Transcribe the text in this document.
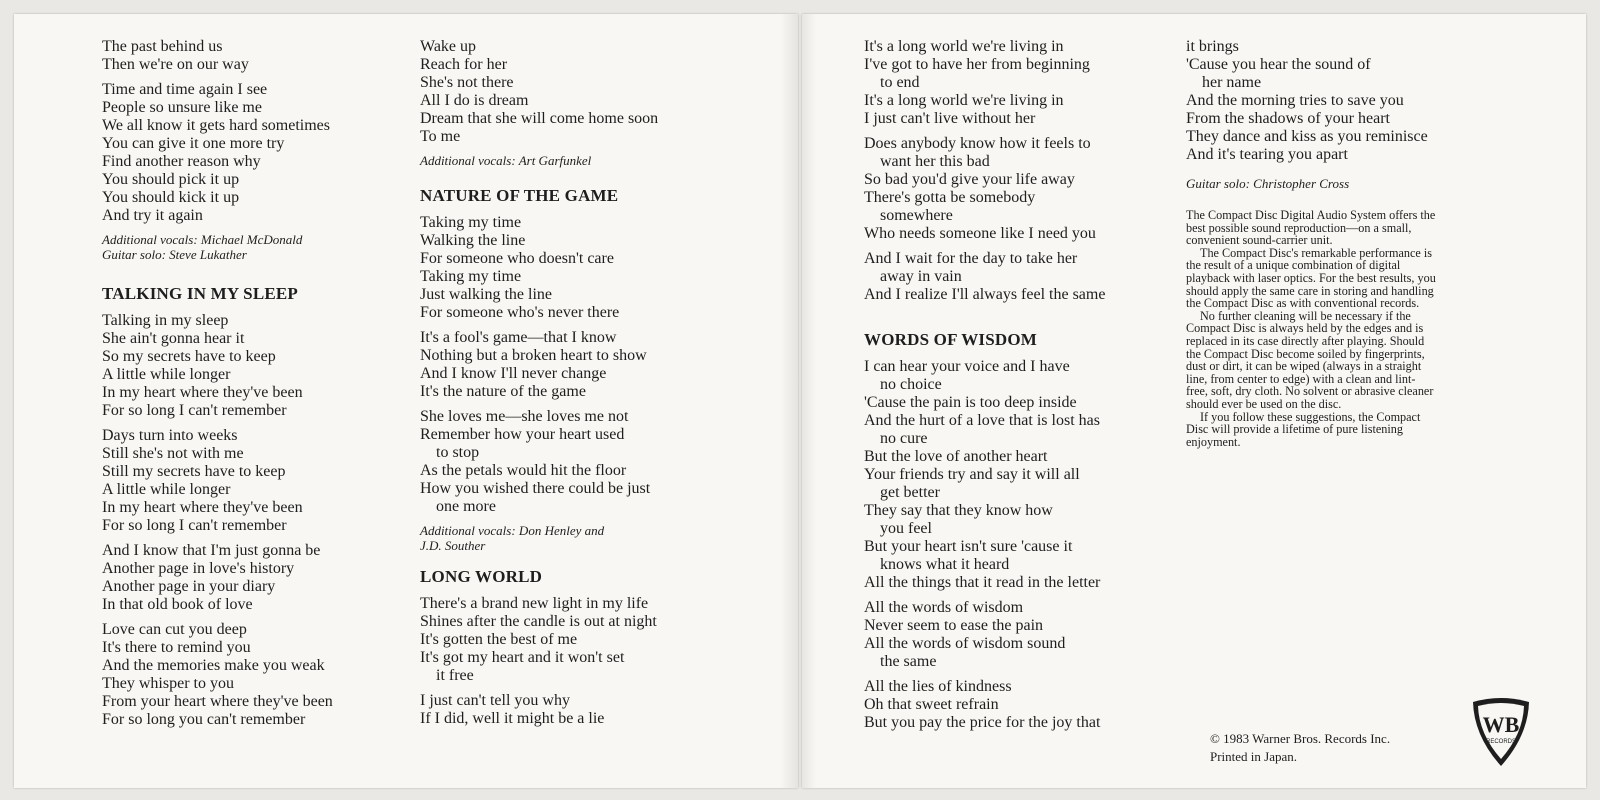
The past behind us
Then we're on our way
Time and time again I see
People so unsure like me
We all know it gets hard sometimes
You can give it one more try
Find another reason why
You should pick it up
You should kick it up
And try it again
Additional vocals: Michael McDonald
Guitar solo: Steve Lukather
TALKING IN MY SLEEP
Talking in my sleep
She ain't gonna hear it
So my secrets have to keep
A little while longer
In my heart where they've been
For so long I can't remember
Days turn into weeks
Still she's not with me
Still my secrets have to keep
A little while longer
In my heart where they've been
For so long I can't remember
And I know that I'm just gonna be
Another page in love's history
Another page in your diary
In that old book of love
Love can cut you deep
It's there to remind you
And the memories make you weak
They whisper to you
From your heart where they've been
For so long you can't remember
Wake up
Reach for her
She's not there
All I do is dream
Dream that she will come home soon
To me
Additional vocals: Art Garfunkel
NATURE OF THE GAME
Taking my time
Walking the line
For someone who doesn't care
Taking my time
Just walking the line
For someone who's never there
It's a fool's game—that I know
Nothing but a broken heart to show
And I know I'll never change
It's the nature of the game
She loves me—she loves me not
Remember how your heart used
to stop
As the petals would hit the floor
How you wished there could be just
one more
Additional vocals: Don Henley and
J.D. Souther
LONG WORLD
There's a brand new light in my life
Shines after the candle is out at night
It's gotten the best of me
It's got my heart and it won't set
it free
I just can't tell you why
If I did, well it might be a lie
It's a long world we're living in
I've got to have her from beginning
to end
It's a long world we're living in
I just can't live without her
Does anybody know how it feels to
want her this bad
So bad you'd give your life away
There's gotta be somebody
somewhere
Who needs someone like I need you
And I wait for the day to take her
away in vain
And I realize I'll always feel the same
WORDS OF WISDOM
I can hear your voice and I have
no choice
'Cause the pain is too deep inside
And the hurt of a love that is lost has
no cure
But the love of another heart
Your friends try and say it will all
get better
They say that they know how
you feel
But your heart isn't sure 'cause it
knows what it heard
All the things that it read in the letter
All the words of wisdom
Never seem to ease the pain
All the words of wisdom sound
the same
All the lies of kindness
Oh that sweet refrain
But you pay the price for the joy that
it brings
'Cause you hear the sound of
her name
And the morning tries to save you
From the shadows of your heart
They dance and kiss as you reminisce
And it's tearing you apart
Guitar solo: Christopher Cross

The Compact Disc Digital Audio System offers the best possible sound reproduction—on a small, convenient sound-carrier unit.

The Compact Disc's remarkable performance is the result of a unique combination of digital playback with laser optics. For the best results, you should apply the same care in storing and handling the Compact Disc as with conventional records.

No further cleaning will be necessary if the Compact Disc is always held by the edges and is replaced in its case directly after playing. Should the Compact Disc become soiled by fingerprints, dust or dirt, it can be wiped (always in a straight line, from center to edge) with a clean and lint-free, soft, dry cloth. No solvent or abrasive cleaner should ever be used on the disc.

If you follow these suggestions, the Compact Disc will provide a lifetime of pure listening enjoyment.

© 1983 Warner Bros. Records Inc.
Printed in Japan.
WB
RECORDS
